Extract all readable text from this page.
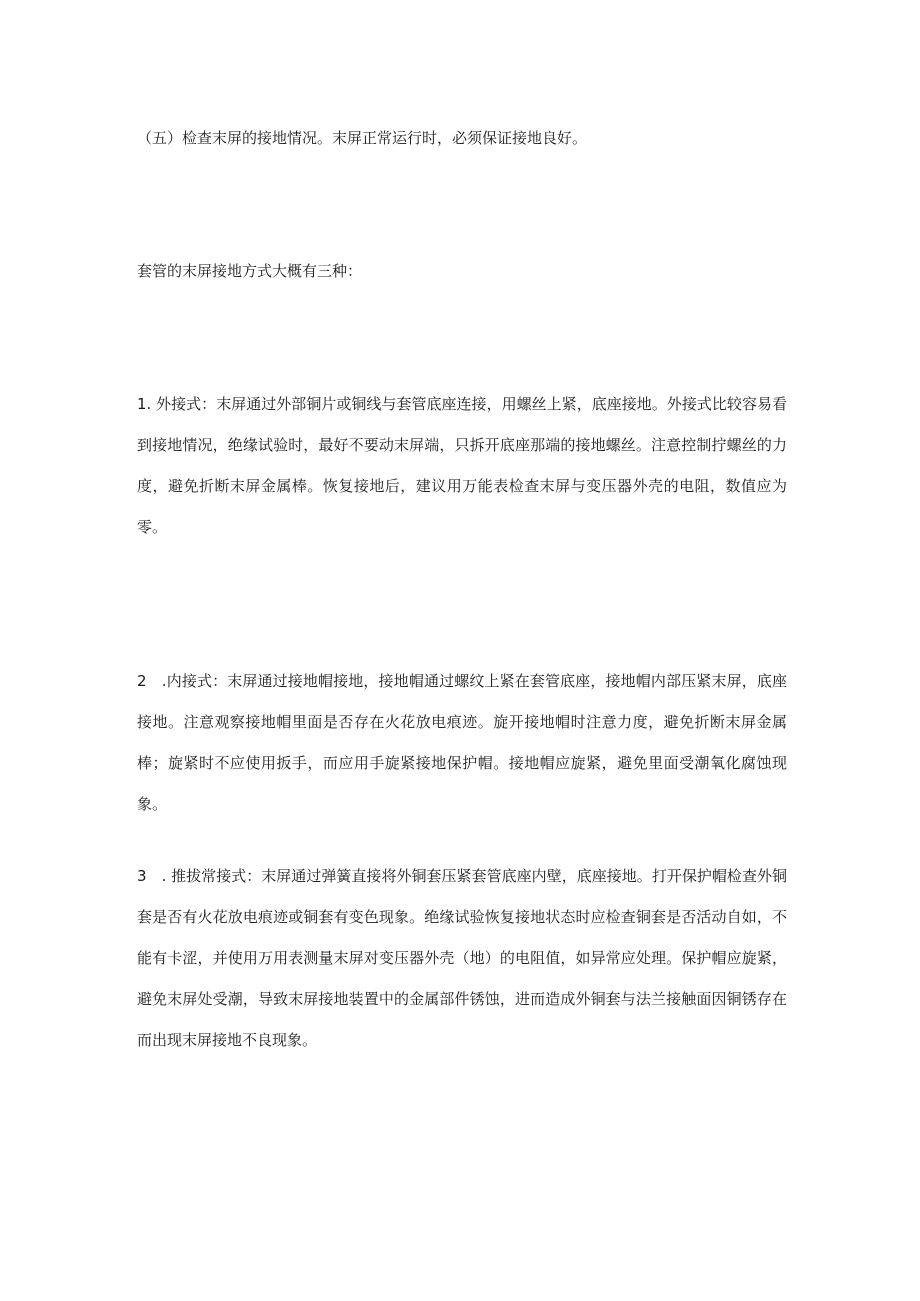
（五）检查末屏的接地情况。末屏正常运行时，必须保证接地良好。

套管的末屏接地方式大概有三种：

1. 外接式：末屏通过外部铜片或铜线与套管底座连接，用螺丝上紧，底座接地。外接式比较容易看到接地情况，绝缘试验时，最好不要动末屏端，只拆开底座那端的接地螺丝。注意控制拧螺丝的力度，避免折断末屏金属棒。恢复接地后，建议用万能表检查末屏与变压器外壳的电阻，数值应为零。

2　.内接式：末屏通过接地帽接地，接地帽通过螺纹上紧在套管底座，接地帽内部压紧末屏，底座接地。注意观察接地帽里面是否存在火花放电痕迹。旋开接地帽时注意力度，避免折断末屏金属棒；旋紧时不应使用扳手，而应用手旋紧接地保护帽。接地帽应旋紧，避免里面受潮氧化腐蚀现象。

3　. 推拔常接式：末屏通过弹簧直接将外铜套压紧套管底座内壁，底座接地。打开保护帽检查外铜套是否有火花放电痕迹或铜套有变色现象。绝缘试验恢复接地状态时应检查铜套是否活动自如，不能有卡涩，并使用万用表测量末屏对变压器外壳（地）的电阻值，如异常应处理。保护帽应旋紧，避免末屏处受潮，导致末屏接地装置中的金属部件锈蚀，进而造成外铜套与法兰接触面因铜锈存在而出现末屏接地不良现象。
